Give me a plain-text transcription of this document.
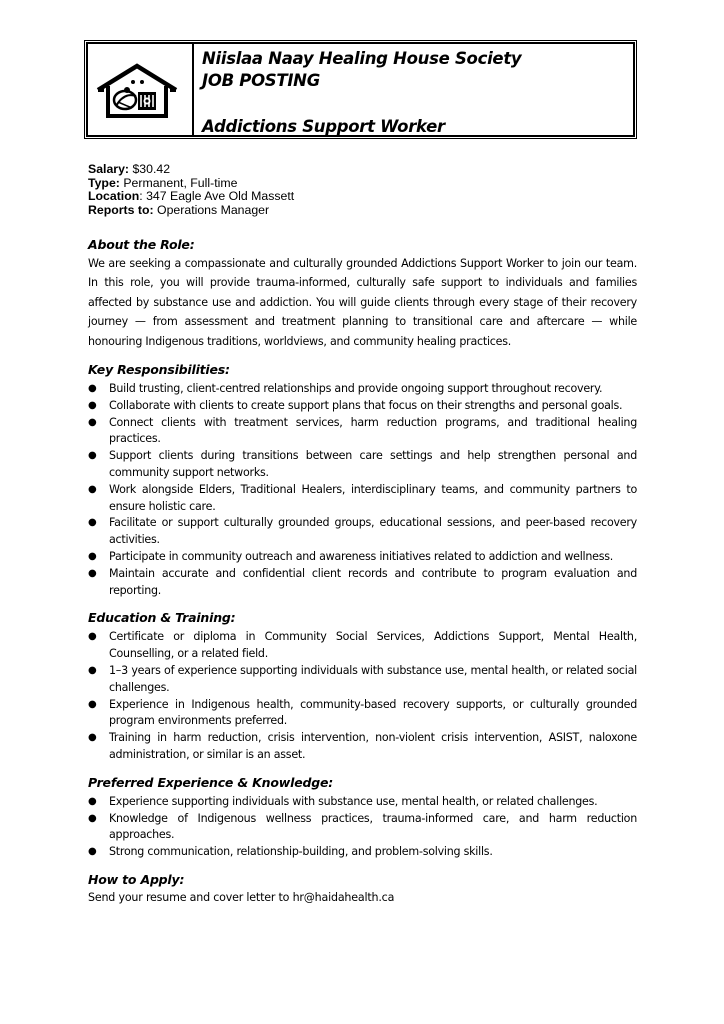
Niislaa Naay Healing House Society
JOB POSTING
Addictions Support Worker
Salary: $30.42
Type: Permanent, Full-time
Location: 347 Eagle Ave Old Massett
Reports to: Operations Manager
About the Role:

We are seeking a compassionate and culturally grounded Addictions Support Worker to join our team. In this role, you will provide trauma-informed, culturally safe support to individuals and families affected by substance use and addiction. You will guide clients through every stage of their recovery journey — from assessment and treatment planning to transitional care and aftercare — while honouring Indigenous traditions, worldviews, and community healing practices.

Key Responsibilities:
● Build trusting, client-centred relationships and provide ongoing support throughout recovery.
● Collaborate with clients to create support plans that focus on their strengths and personal goals.
● Connect clients with treatment services, harm reduction programs, and traditional healing practices.
● Support clients during transitions between care settings and help strengthen personal and community support networks.
● Work alongside Elders, Traditional Healers, interdisciplinary teams, and community partners to ensure holistic care.
● Facilitate or support culturally grounded groups, educational sessions, and peer-based recovery activities.
● Participate in community outreach and awareness initiatives related to addiction and wellness.
● Maintain accurate and confidential client records and contribute to program evaluation and reporting.
Education & Training:
● Certificate or diploma in Community Social Services, Addictions Support, Mental Health, Counselling, or a related field.
● 1–3 years of experience supporting individuals with substance use, mental health, or related social challenges.
● Experience in Indigenous health, community-based recovery supports, or culturally grounded program environments preferred.
● Training in harm reduction, crisis intervention, non-violent crisis intervention, ASIST, naloxone administration, or similar is an asset.
Preferred Experience & Knowledge:
● Experience supporting individuals with substance use, mental health, or related challenges.
● Knowledge of Indigenous wellness practices, trauma-informed care, and harm reduction approaches.
● Strong communication, relationship-building, and problem-solving skills.
How to Apply:

Send your resume and cover letter to hr@haidahealth.ca
